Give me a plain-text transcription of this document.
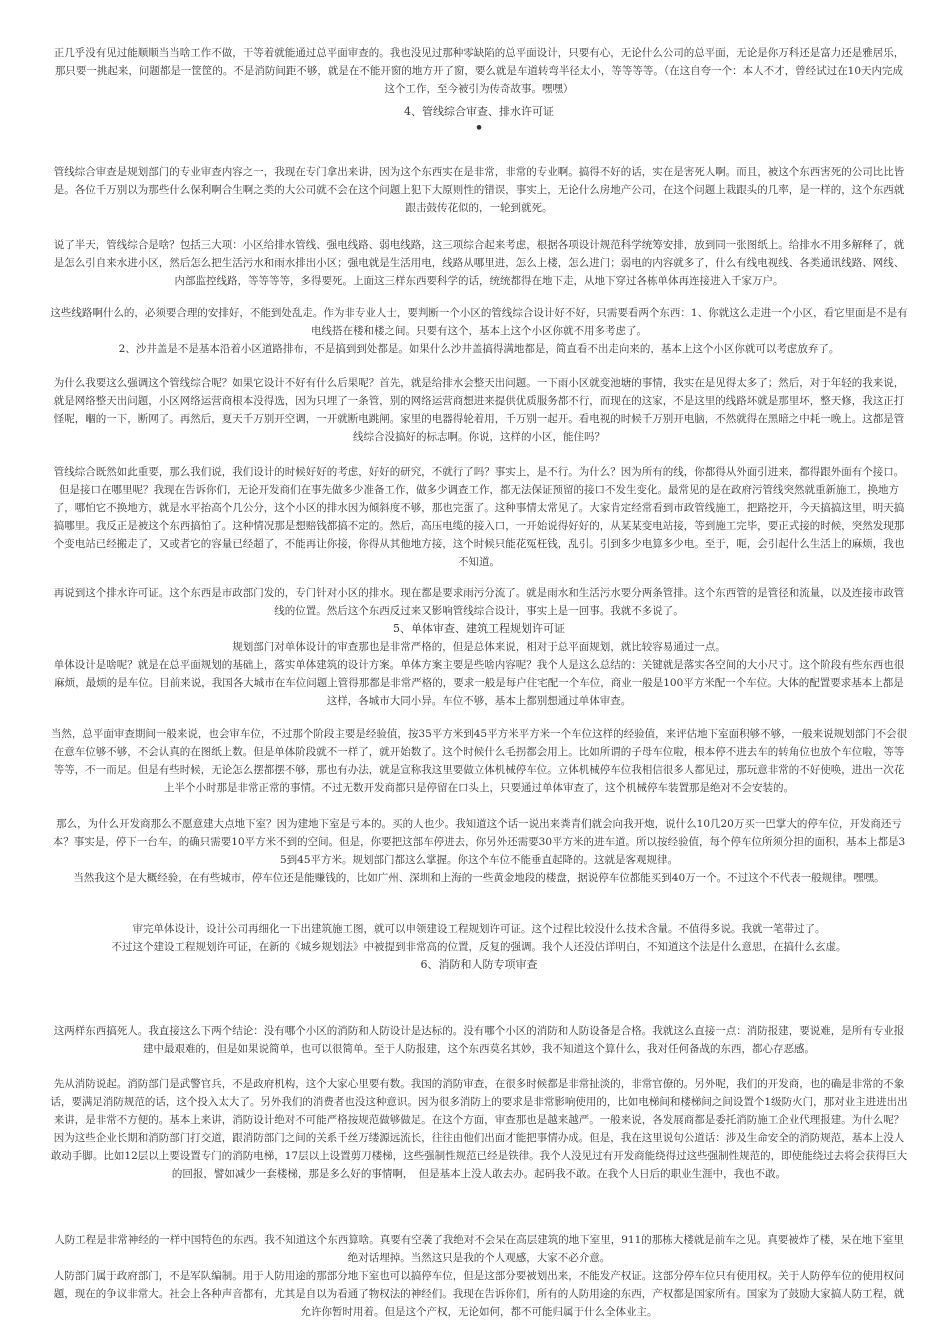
正几乎没有见过能顺顺当当啥工作不做，干等着就能通过总平面审查的。我也没见过那种零缺陷的总平面设计，只要有心，无论什么公司的总平面，无论是你万科还是富力还是雅居乐，那只要一挑起来，问题都是一筐筐的。不是消防间距不够，就是在不能开窗的地方开了窗，要么就是车道转弯半径太小，等等等等。（在这自夸一个：本人不才，曾经试过在10天内完成这个工作，至今被引为传奇故事。嘿嘿）

4、管线综合审查、排水许可证

•

管线综合审查是规划部门的专业审查内容之一，我现在专门拿出来讲，因为这个东西实在是非常，非常的专业啊。搞得不好的话，实在是害死人啊。而且，被这个东西害死的公司比比皆是。各位千万别以为那些什么保利啊合生啊之类的大公司就不会在这个问题上犯下大原则性的错误，事实上，无论什么房地产公司，在这个问题上栽跟头的几率，是一样的，这个东西就跟击鼓传花似的，一轮到就死。

说了半天，管线综合是啥？包括三大项：小区给排水管线、强电线路、弱电线路，这三项综合起来考虑，根据各项设计规范科学统筹安排，放到同一张图纸上。给排水不用多解释了，就是怎么引自来水进小区，然后怎么把生活污水和雨水排出小区；强电就是生活用电，线路从哪里进，怎么上楼，怎么进门；弱电的内容就多了，什么有线电视线、各类通讯线路、网线、内部监控线路，等等等等，多得要死。上面这三样东西要科学的话，统统都得在地下走，从地下穿过各栋单体再连接进入千家万户。

这些线路啊什么的，必须要合理的安排好，不能到处乱走。作为非专业人士，要判断一个小区的管线综合设计好不好，只需要看两个东西：1、你就这么走进一个小区，看它里面是不是有电线搭在楼和楼之间。只要有这个，基本上这个小区你就不用多考虑了。

2、沙井盖是不是基本沿着小区道路排布，不是搞到到处都是。如果什么沙井盖搞得满地都是，简直看不出走向来的，基本上这个小区你就可以考虑放弃了。

为什么我要这么强调这个管线综合呢？如果它设计不好有什么后果呢？首先，就是给排水会整天出问题。一下雨小区就变池塘的事情，我实在是见得太多了；然后，对于年轻的我来说，就是网络整天出问题，小区网络运营商根本没得选，因为只埋了一条管，别的网络运营商想进来提供优质服务都不行，而现在的这家，不是这里的线路坏就是那里坏，整天修，我这正打怪呢，嗰的一下，断网了。再然后，夏天千万别开空调，一开就断电跳闸。家里的电器得轮着用，千万别一起开。看电视的时候千万别开电脑，不然就得在黑暗之中耗一晚上。这都是管线综合没搞好的标志啊。你说，这样的小区，能住吗？

管线综合既然如此重要，那么我们说，我们设计的时候好好的考虑，好好的研究，不就行了吗？事实上，是不行。为什么？因为所有的线，你都得从外面引进来，都得跟外面有个接口。但是接口在哪里呢？我现在告诉你们，无论开发商们在事先做多少准备工作，做多少调查工作，都无法保证预留的接口不发生变化。最常见的是在政府污管线突然就重新施工，换地方了，哪怕它不换地方，就是水平抬高个几公分，这个小区的排水因为倾斜度不够，那也完蛋了。这种事情太常见了。大家肯定经常看到市政管线施工，把路挖开，今天搞搞这里，明天搞搞哪里。我反正是被这个东西搞怕了。这种情况那是想赔钱都搞不定的。然后，高压电缆的接入口，一开始说得好好的，从某某变电站接，等到施工完毕，要正式接的时候，突然发现那个变电站已经搬走了，又或者它的容量已经超了，不能再让你接，你得从其他地方接，这个时候只能花冤枉钱，乱引。引到多少电算多少电。至于，呃，会引起什么生活上的麻烦，我也不知道。

再说到这个排水许可证。这个东西是市政部门发的，专门针对小区的排水。现在都是要求雨污分流了。就是雨水和生活污水要分两条管排。这个东西管的是管径和流量，以及连接市政管线的位置。然后这个东西反过来又影响管线综合设计，事实上是一回事。我就不多说了。

5、单体审查、建筑工程规划许可证

规划部门对单体设计的审查那也是非常严格的，但是总体来说，相对于总平面规划，就比较容易通过一点。

单体设计是啥呢？就是在总平面规划的基础上，落实单体建筑的设计方案。单体方案主要是些啥内容呢？我个人是这么总结的：关键就是落实各空间的大小尺寸。这个阶段有些东西也很麻烦，最烦的是车位。目前来说，我国各大城市在车位问题上管得那都是非常严格的，要求一般是每户住宅配一个车位，商业一般是100平方米配一个车位。大体的配置要求基本上都是这样，各城市大同小异。车位不够，基本上都别想通过单体审查。

当然，总平面审查期间一般来说，也会审车位，不过那个阶段主要是经验值，按35平方米到45平方米平方米一个车位这样的经验值，来评估地下室面积够不够，一般来说规划部门不会很在意车位够不够，不会认真的在图纸上数。但是单体阶段就不一样了，就开始数了。这个时候什么毛拐都会用上。比如所谓的子母车位啦，根本停不进去车的转角位也放个车位啦，等等等等，不一而足。但是有些时候，无论怎么摆都摆不够，那也有办法，就是宣称我这里要做立体机械停车位。立体机械停车位我相信很多人都见过，那玩意非常的不好使唤，进出一次花上半个小时那是非常正常的事情。不过无数开发商都只是停留在口头上，只要通过单体审查了，这个机械停车装置那是绝对不会安装的。

那么，为什么开发商那么不愿意建大点地下室？因为建地下室是亏本的。买的人也少。我知道这个话一说出来粪青们就会向我开炮，说什么10几20万买一巴掌大的停车位，开发商还亏本？事实是，停下一台车，的确只需要10平方米不到的空间。但是，你要把这部车停进去，你另外还需要30平方米的进车道。所以按经验值，每个停车位所须分担的面积，基本上都是35到45平方米。规划部门都这么掌握。你这个车位不能垂直起降的。这就是客观规律。

当然我这个是大概经验，在有些城市，停车位还是能赚钱的，比如广州、深圳和上海的一些黄金地段的楼盘，据说停车位都能买到40万一个。不过这个不代表一般规律。嘿嘿。

审完单体设计，设计公司再细化一下出建筑施工图，就可以申领建设工程规划许可证。这个过程比较没什么技术含量。不值得多说。我就一笔带过了。

不过这个建设工程规划许可证，在新的《城乡规划法》中被提到非常高的位置，反复的强调。我个人还没估详明白，不知道这个法是什么意思，在搞什么玄虚。

6、消防和人防专项审查

这两样东西搞死人。我直接这么下两个结论：没有哪个小区的消防和人防设计是达标的。没有哪个小区的消防和人防设备是合格。我就这么直接一点：消防报建，要说难，是所有专业报建中最艰难的，但是如果说简单，也可以很简单。至于人防报建，这个东西莫名其妙，我不知道这个算什么，我对任何备战的东西，都心存恶感。

先从消防说起。消防部门是武警官兵，不是政府机构，这个大家心里要有数。我国的消防审查，在很多时候都是非常扯淡的，非常官僚的。另外呢，我们的开发商，也的确是非常的不象话，要满足消防规范的话，这个投入太大了。另外我们的消费者也没这种意识。因为很多消防上的要求是非常影响使用的，比如电梯间和楼梯间之间设置个1级防火门，那对业主进进出出来讲，是非常不方便的。基本上来讲，消防设计绝对不可能严格按规范做够做足。在这个方面，审查那也是越来越严。一般来说，各发展商都是委托消防施工企业代理报建。为什么呢？因为这些企业长期和消防部门打交道，跟消防部门之间的关系千丝万缕源远流长，往往由他们出面才能把事情办成。但是，我在这里说句公道话：涉及生命安全的消防规范，基本上没人敢动手脚。比如12层以上要设置专门的消防电梯，17层以上设置剪刀楼梯，这些强制性规范已经是铁律。我个人没见过有开发商能绕得过这些强制性规范的，即使能绕过去将会获得巨大的回报，譬如减少一套楼梯，那是多么好的事情啊，　但是基本上没人敢去办。起码我不敢。在我个人日后的职业生涯中，我也不敢。

人防工程是非常神经的一样中国特色的东西。我不知道这个东西算啥。真要有空袭了我绝对不会呆在高层建筑的地下室里，911的那栋大楼就是前车之见。真要被炸了楼，呆在地下室里绝对话埋掉。当然这只是我的个人观感，大家不必介意。

人防部门属于政府部门，不是军队编制。用于人防用途的那部分地下室也可以搞停车位，但是这部分要被划出来，不能发产权证。这部分停车位只有使用权。关于人防停车位的使用权问题，现在的争议非常大。社会上各种声音都有，尤其是自以为看通了物权法的神经们。我现在告诉你们，所有的人防用途的东西，产权都是国家所有。国家为了鼓励大家搞人防工程，就允许你暂时用着。但是这个产权，无论如何，都不可能归属于什么全体业主。
